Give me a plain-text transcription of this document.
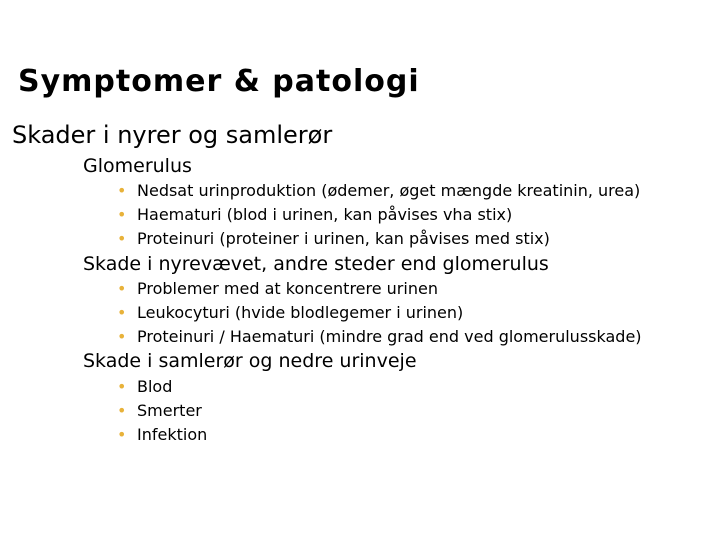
Symptomer & patologi
Skader i nyrer og samlerør
Glomerulus
• Nedsat urinproduktion (ødemer, øget mængde kreatinin, urea)
• Haematuri (blod i urinen, kan påvises vha stix)
• Proteinuri (proteiner i urinen, kan påvises med stix)
Skade i nyrevævet, andre steder end glomerulus
• Problemer med at koncentrere urinen
• Leukocyturi (hvide blodlegemer i urinen)
• Proteinuri / Haematuri (mindre grad end ved glomerulusskade)
Skade i samlerør og nedre urinveje
• Blod
• Smerter
• Infektion
